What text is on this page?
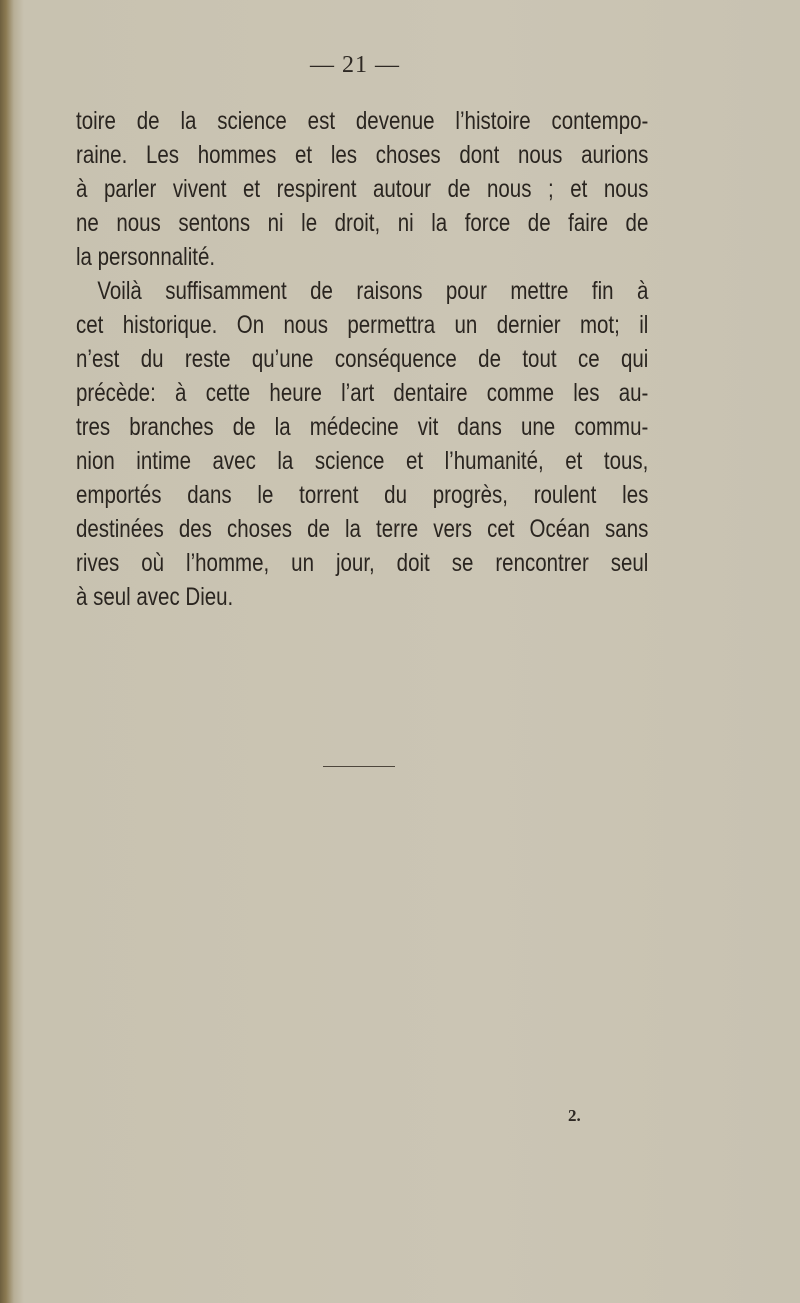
— 21 —
toire de la science est devenue l’histoire contempo-
raine. Les hommes et les choses dont nous aurions
à parler vivent et respirent autour de nous ; et nous
ne nous sentons ni le droit, ni la force de faire de
la personnalité.
Voilà suffisamment de raisons pour mettre fin à
cet historique. On nous permettra un dernier mot; il
n’est du reste qu’une conséquence de tout ce qui
précède: à cette heure l’art dentaire comme les au-
tres branches de la médecine vit dans une commu-
nion intime avec la science et l’humanité, et tous,
emportés dans le torrent du progrès, roulent les
destinées des choses de la terre vers cet Océan sans
rives où l’homme, un jour, doit se rencontrer seul
à seul avec Dieu.
2.
